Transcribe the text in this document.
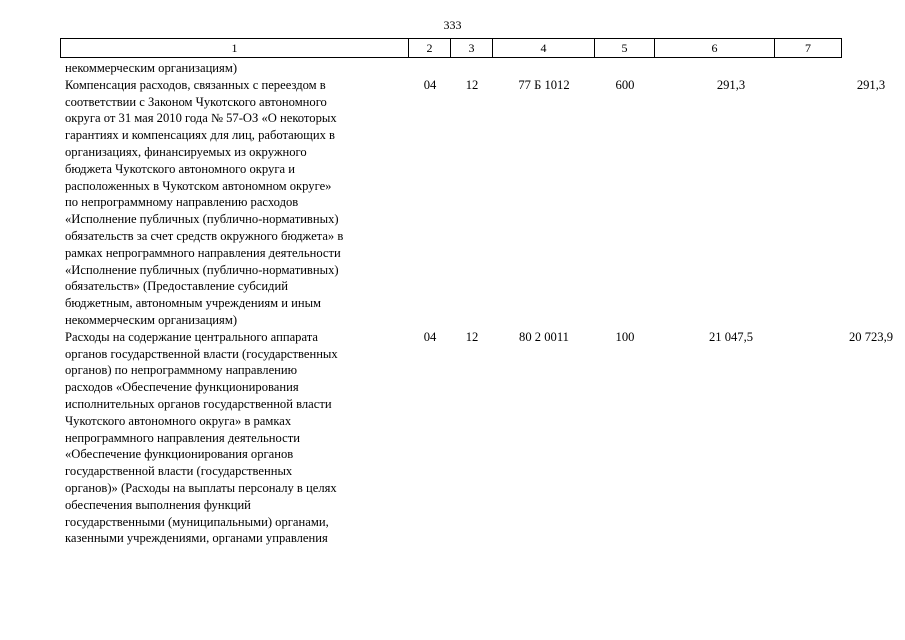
333
1	2	3	4	5	6	7
некоммерческим организациям)
Компенсация расходов, связанных с переездом в
соответствии с Законом Чукотского автономного
округа от 31 мая 2010 года № 57-ОЗ «О некоторых
гарантиях и компенсациях для лиц, работающих в
организациях, финансируемых из окружного
бюджета Чукотского автономного округа и
расположенных в Чукотском автономном округе»
по непрограммному направлению расходов
«Исполнение публичных (публично-нормативных)
обязательств за счет средств окружного бюджета» в
рамках непрограммного направления деятельности
«Исполнение публичных (публично-нормативных)
обязательств» (Предоставление субсидий
бюджетным, автономным учреждениям и иным
некоммерческим организациям)
04	12	77 Б 1012	600	291,3	291,3
Расходы на содержание центрального аппарата
органов государственной власти (государственных
органов) по непрограммному направлению
расходов «Обеспечение функционирования
исполнительных органов государственной власти
Чукотского автономного округа» в рамках
непрограммного направления деятельности
«Обеспечение функционирования органов
государственной власти (государственных
органов)» (Расходы на выплаты персоналу в целях
обеспечения выполнения функций
государственными (муниципальными) органами,
казенными учреждениями, органами управления
04	12	80 2 0011	100	21 047,5	20 723,9
